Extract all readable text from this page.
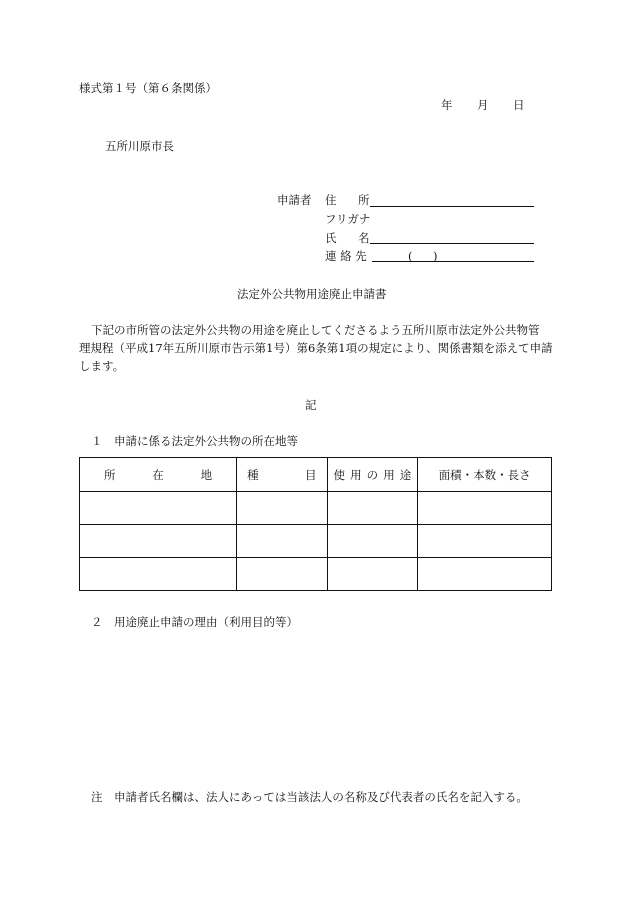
様式第１号（第６条関係）
年 月 日
五所川原市長
申請者 住 所
フリガナ
氏 名
連 絡 先	( )
法定外公共物用途廃止申請書
下記の市所管の法定外公共物の用途を廃止してくださるよう五所川原市法定外公共物管
理規程（平成17年五所川原市告示第1号）第6条第1項の規定により、関係書類を添えて申請
します。
記
１　申請に係る法定外公共物の所在地等
所 在 地	種 目	使 用 の 用 途	面積・本数・長さ

２　用途廃止申請の理由（利用目的等）
注　申請者氏名欄は、法人にあっては当該法人の名称及び代表者の氏名を記入する。
